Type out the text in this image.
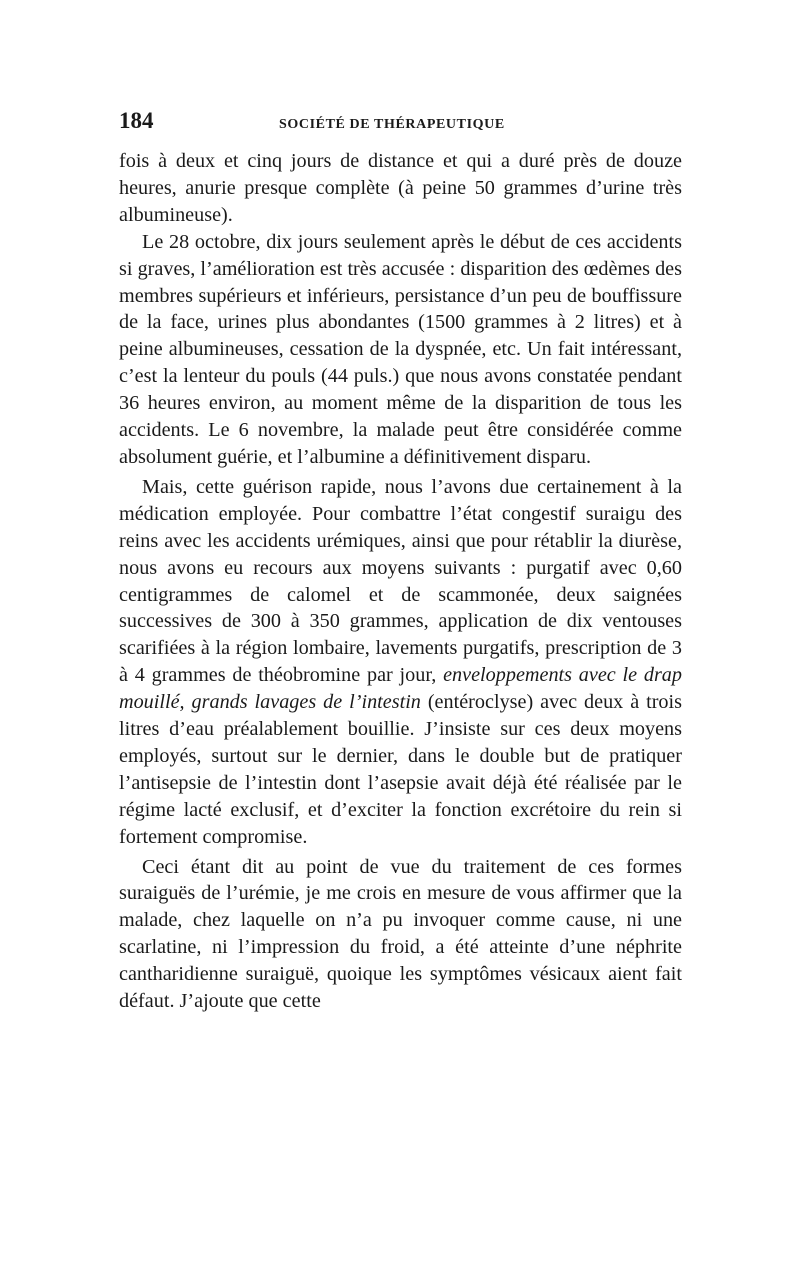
184	SOCIÉTÉ DE THÉRAPEUTIQUE

fois à deux et cinq jours de distance et qui a duré près de douze heures, anurie presque complète (à peine 50 grammes d’urine très albumineuse).

Le 28 octobre, dix jours seulement après le début de ces accidents si graves, l’amélioration est très accusée : disparition des œdèmes des membres supérieurs et inférieurs, persistance d’un peu de bouffissure de la face, urines plus abondantes (1500 grammes à 2 litres) et à peine albumineuses, cessation de la dyspnée, etc. Un fait intéressant, c’est la lenteur du pouls (44 puls.) que nous avons constatée pendant 36 heures environ, au moment même de la disparition de tous les accidents. Le 6 novembre, la malade peut être considérée comme absolument guérie, et l’albumine a définitivement disparu.

Mais, cette guérison rapide, nous l’avons due certainement à la médication employée. Pour combattre l’état congestif suraigu des reins avec les accidents urémiques, ainsi que pour rétablir la diurèse, nous avons eu recours aux moyens suivants : purgatif avec 0,60 centigrammes de calomel et de scammonée, deux saignées successives de 300 à 350 grammes, application de dix ventouses scarifiées à la région lombaire, lavements purgatifs, prescription de 3 à 4 grammes de théobromine par jour, enveloppements avec le drap mouillé, grands lavages de l’intestin (entéroclyse) avec deux à trois litres d’eau préalablement bouillie. J’insiste sur ces deux moyens employés, surtout sur le dernier, dans le double but de pratiquer l’antisepsie de l’intestin dont l’asepsie avait déjà été réalisée par le régime lacté exclusif, et d’exciter la fonction excrétoire du rein si fortement compromise.

Ceci étant dit au point de vue du traitement de ces formes suraiguës de l’urémie, je me crois en mesure de vous affirmer que la malade, chez laquelle on n’a pu invoquer comme cause, ni une scarlatine, ni l’impression du froid, a été atteinte d’une néphrite cantharidienne suraiguë, quoique les symptômes vésicaux aient fait défaut. J’ajoute que cette
